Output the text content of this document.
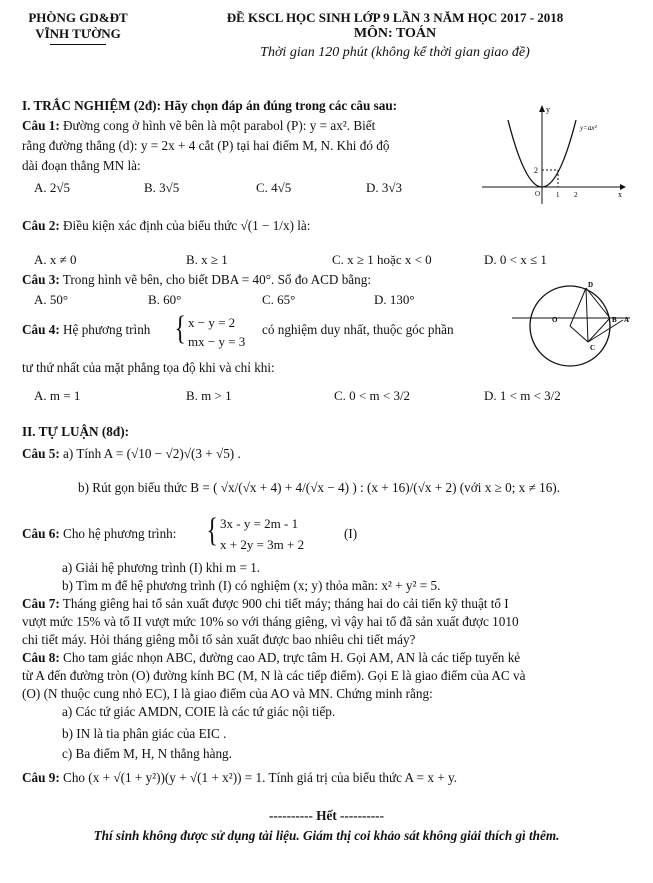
PHÒNG GD&ĐT
VĨNH TƯỜNG
ĐỀ KSCL HỌC SINH LỚP 9 LẦN 3 NĂM HỌC 2017 - 2018
MÔN: TOÁN
Thời gian 120 phút (không kể thời gian giao đề)
I. TRẮC NGHIỆM (2đ): Hãy chọn đáp án đúng trong các câu sau:
Câu 1: Đường cong ở hình vẽ bên là một parabol (P): y = ax². Biết
rằng đường thẳng (d): y = 2x + 4 cắt (P) tại hai điểm M, N. Khi đó độ
dài đoạn thẳng MN là:
A. 2√5	B. 3√5	C. 4√5	D. 3√3
y
x
y=ax²
2
O 1 2
Câu 2: Điều kiện xác định của biểu thức √(1 − 1/x) là:
A. x ≠ 0	B. x ≥ 1	C. x ≥ 1 hoặc x < 0	D. 0 < x ≤ 1
Câu 3: Trong hình vẽ bên, cho biết DBA = 40°. Số đo ACD bằng:
A. 50°	B. 60°	C. 65°	D. 130°
D
O	B A
C
Câu 4: Hệ phương trình { x − y = 2
mx − y = 3
có nghiệm duy nhất, thuộc góc phần
tư thứ nhất của mặt phẳng tọa độ khi và chỉ khi:
A. m = 1	B. m > 1	C. 0 < m < 3/2	D. 1 < m < 3/2
II. TỰ LUẬN (8đ):
Câu 5: a) Tính A = (√10 − √2)√(3 + √5) .
b) Rút gọn biểu thức B = ( √x/(√x + 4) + 4/(√x − 4) ) : (x + 16)/(√x + 2) (với x ≥ 0; x ≠ 16).
Câu 6: Cho hệ phương trình: { 3x - y = 2m - 1
x + 2y = 3m + 2
(I)
a) Giải hệ phương trình (I) khi m = 1.
b) Tìm m để hệ phương trình (I) có nghiệm (x; y) thỏa mãn: x² + y² = 5.
Câu 7: Tháng giêng hai tổ sản xuất được 900 chi tiết máy; tháng hai do cải tiến kỹ thuật tổ I
vượt mức 15% và tổ II vượt mức 10% so với tháng giêng, vì vậy hai tổ đã sản xuất được 1010
chi tiết máy. Hỏi tháng giêng mỗi tổ sản xuất được bao nhiêu chi tiết máy?
Câu 8: Cho tam giác nhọn ABC, đường cao AD, trực tâm H. Gọi AM, AN là các tiếp tuyến kẻ
từ A đến đường tròn (O) đường kính BC (M, N là các tiếp điểm). Gọi E là giao điểm của AC và
(O) (N thuộc cung nhỏ EC), I là giao điểm của AO và MN. Chứng minh rằng:
a) Các tứ giác AMDN, COIE là các tứ giác nội tiếp.
b) IN là tia phân giác của EIC .
c) Ba điểm M, H, N thẳng hàng.
Câu 9: Cho (x + √(1 + y²))(y + √(1 + x²)) = 1. Tính giá trị của biểu thức A = x + y.
---------- Hết ----------
Thí sinh không được sử dụng tài liệu. Giám thị coi khảo sát không giải thích gì thêm.
